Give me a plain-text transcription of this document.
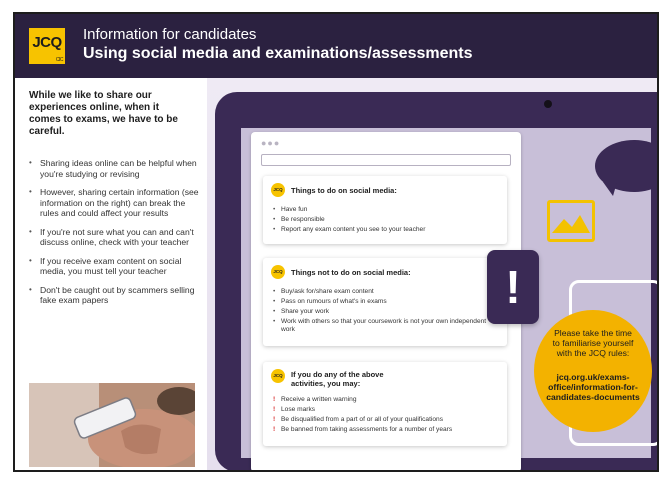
JCQ
CIC
Information for candidates
Using social media and examinations/assessments
While we like to share our experiences online, when it comes to exams, we have to be careful.
• Sharing ideas online can be helpful when you're studying or revising
• However, sharing certain information (see information on the right) can break the rules and could affect your results
• If you're not sure what you can and can't discuss online, check with your teacher
• If you receive exam content on social media, you must tell your teacher
• Don't be caught out by scammers selling fake exam papers
●●●
JCQ	Things to do on social media:
• Have fun
• Be responsible
• Report any exam content you see to your teacher
JCQ	Things not to do on social media:
• Buy/ask for/share exam content
• Pass on rumours of what's in exams
• Share your work
• Work with others so that your coursework is not your own independent work
JCQ	If you do any of the above activities, you may:
! Receive a written warning
! Lose marks
! Be disqualified from a part of or all of your qualifications
! Be banned from taking assessments for a number of years
!
Please take the time to familiarise yourself with the JCQ rules:
jcq.org.uk/exams-office/information-for-candidates-documents
